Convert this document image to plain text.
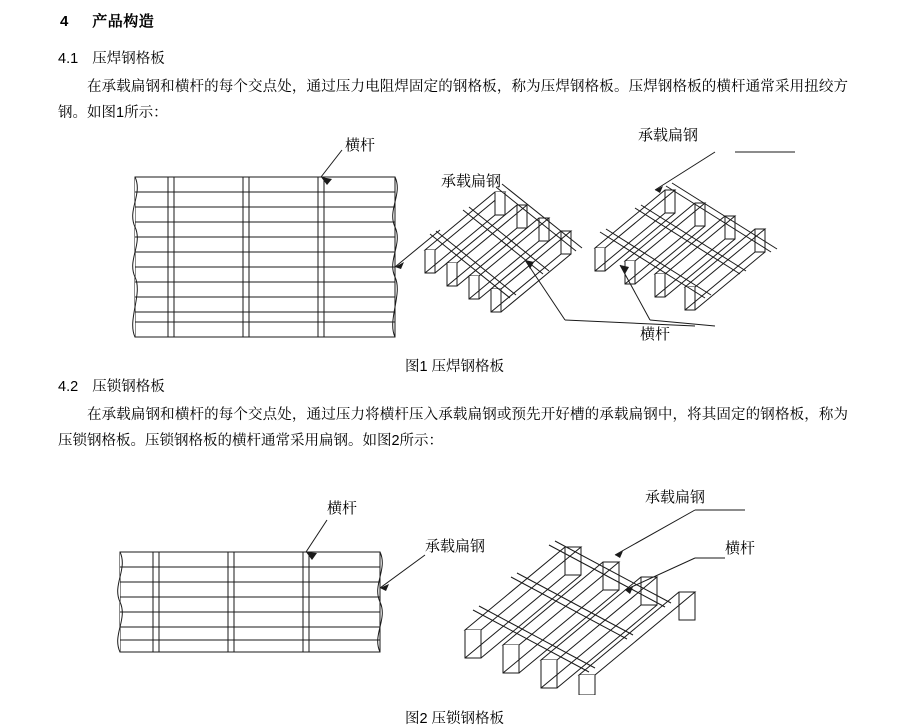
4 产品构造
4.1 压焊钢格板
在承载扁钢和横杆的每个交点处，通过压力电阻焊固定的钢格板，称为压焊钢格板。压焊钢格板的横杆通常采用扭绞方钢。如图1所示：
横杆
承载扁钢
承载扁钢
横杆
图1 压焊钢格板
4.2 压锁钢格板
在承载扁钢和横杆的每个交点处，通过压力将横杆压入承载扁钢或预先开好槽的承载扁钢中，将其固定的钢格板，称为压锁钢格板。压锁钢格板的横杆通常采用扁钢。如图2所示：
横杆
承载扁钢
承载扁钢
横杆
图2 压锁钢格板
